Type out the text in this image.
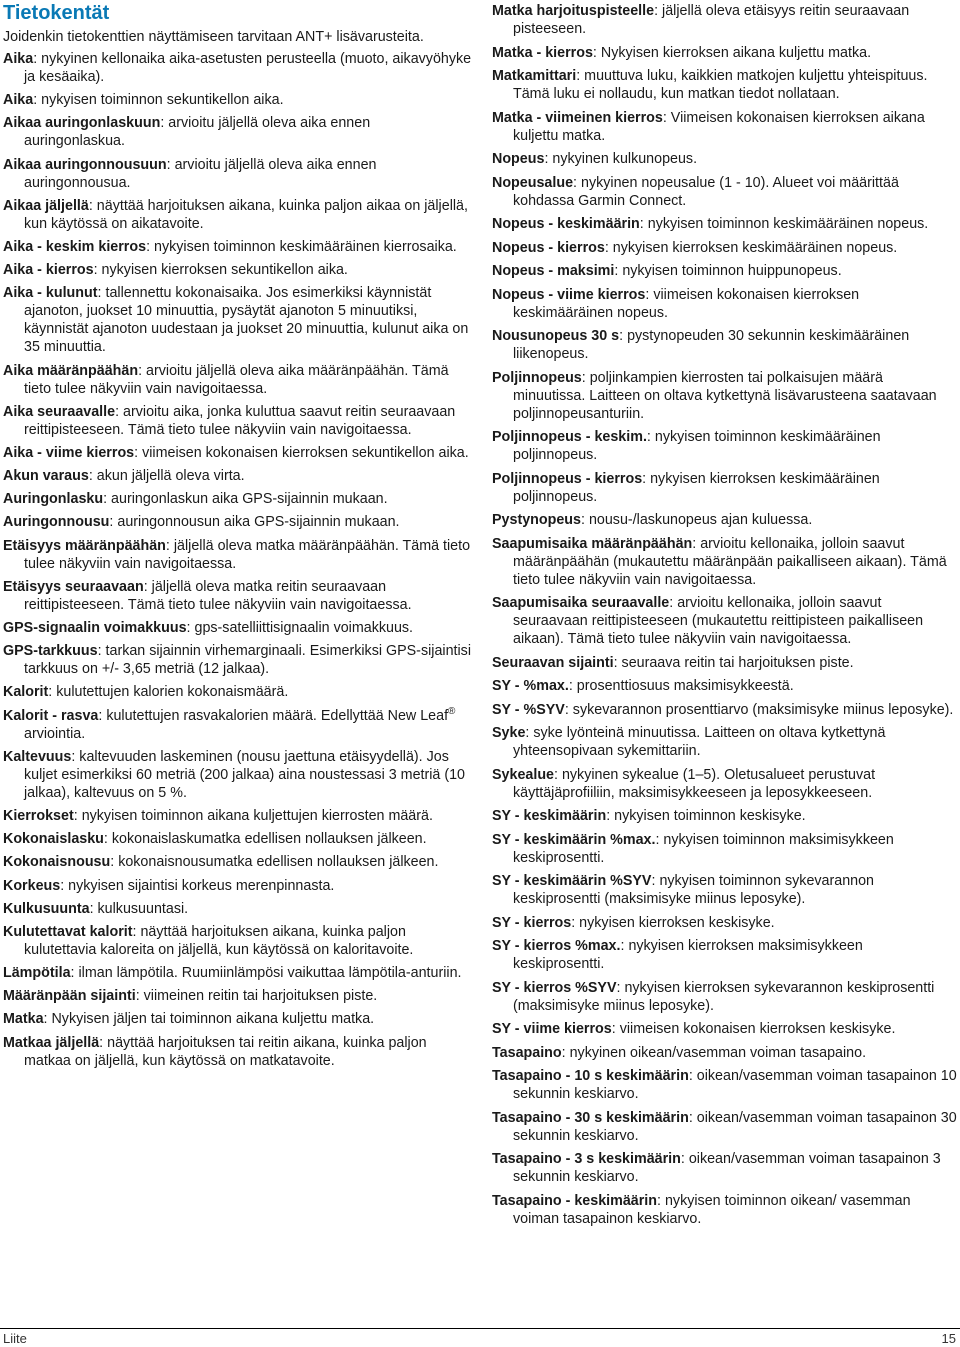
Tietokentät

Joidenkin tietokenttien näyttämiseen tarvitaan ANT+ lisävarusteita.

Aika: nykyinen kellonaika aika-asetusten perusteella (muoto, aikavyöhyke ja kesäaika).

Aika: nykyisen toiminnon sekuntikellon aika.

Aikaa auringonlaskuun: arvioitu jäljellä oleva aika ennen auringonlaskua.

Aikaa auringonnousuun: arvioitu jäljellä oleva aika ennen auringonnousua.

Aikaa jäljellä: näyttää harjoituksen aikana, kuinka paljon aikaa on jäljellä, kun käytössä on aikatavoite.

Aika - keskim kierros: nykyisen toiminnon keskimääräinen kierrosaika.

Aika - kierros: nykyisen kierroksen sekuntikellon aika.

Aika - kulunut: tallennettu kokonaisaika. Jos esimerkiksi käynnistät ajanoton, juokset 10 minuuttia, pysäytät ajanoton 5 minuutiksi, käynnistät ajanoton uudestaan ja juokset 20 minuuttia, kulunut aika on 35 minuuttia.

Aika määränpäähän: arvioitu jäljellä oleva aika määränpäähän. Tämä tieto tulee näkyviin vain navigoitaessa.

Aika seuraavalle: arvioitu aika, jonka kuluttua saavut reitin seuraavaan reittipisteeseen. Tämä tieto tulee näkyviin vain navigoitaessa.

Aika - viime kierros: viimeisen kokonaisen kierroksen sekuntikellon aika.

Akun varaus: akun jäljellä oleva virta.

Auringonlasku: auringonlaskun aika GPS-sijainnin mukaan.

Auringonnousu: auringonnousun aika GPS-sijainnin mukaan.

Etäisyys määränpäähän: jäljellä oleva matka määränpäähän. Tämä tieto tulee näkyviin vain navigoitaessa.

Etäisyys seuraavaan: jäljellä oleva matka reitin seuraavaan reittipisteeseen. Tämä tieto tulee näkyviin vain navigoitaessa.

GPS-signaalin voimakkuus: gps-satelliittisignaalin voimakkuus.

GPS-tarkkuus: tarkan sijainnin virhemarginaali. Esimerkiksi GPS-sijaintisi tarkkuus on +/- 3,65 metriä (12 jalkaa).

Kalorit: kulutettujen kalorien kokonaismäärä.

Kalorit - rasva: kulutettujen rasvakalorien määrä. Edellyttää New Leaf® arviointia.

Kaltevuus: kaltevuuden laskeminen (nousu jaettuna etäisyydellä). Jos kuljet esimerkiksi 60 metriä (200 jalkaa) aina noustessasi 3 metriä (10 jalkaa), kaltevuus on 5 %.

Kierrokset: nykyisen toiminnon aikana kuljettujen kierrosten määrä.

Kokonaislasku: kokonaislaskumatka edellisen nollauksen jälkeen.

Kokonaisnousu: kokonaisnousumatka edellisen nollauksen jälkeen.

Korkeus: nykyisen sijaintisi korkeus merenpinnasta.

Kulkusuunta: kulkusuuntasi.

Kulutettavat kalorit: näyttää harjoituksen aikana, kuinka paljon kulutettavia kaloreita on jäljellä, kun käytössä on kaloritavoite.

Lämpötila: ilman lämpötila. Ruumiinlämpösi vaikuttaa lämpötila-anturiin.

Määränpään sijainti: viimeinen reitin tai harjoituksen piste.

Matka: Nykyisen jäljen tai toiminnon aikana kuljettu matka.

Matkaa jäljellä: näyttää harjoituksen tai reitin aikana, kuinka paljon matkaa on jäljellä, kun käytössä on matkatavoite.

Matka harjoituspisteelle: jäljellä oleva etäisyys reitin seuraavaan pisteeseen.

Matka - kierros: Nykyisen kierroksen aikana kuljettu matka.

Matkamittari: muuttuva luku, kaikkien matkojen kuljettu yhteispituus. Tämä luku ei nollaudu, kun matkan tiedot nollataan.

Matka - viimeinen kierros: Viimeisen kokonaisen kierroksen aikana kuljettu matka.

Nopeus: nykyinen kulkunopeus.

Nopeusalue: nykyinen nopeusalue (1 - 10). Alueet voi määrittää kohdassa Garmin Connect.

Nopeus - keskimäärin: nykyisen toiminnon keskimääräinen nopeus.

Nopeus - kierros: nykyisen kierroksen keskimääräinen nopeus.

Nopeus - maksimi: nykyisen toiminnon huippunopeus.

Nopeus - viime kierros: viimeisen kokonaisen kierroksen keskimääräinen nopeus.

Nousunopeus 30 s: pystynopeuden 30 sekunnin keskimääräinen liikenopeus.

Poljinnopeus: poljinkampien kierrosten tai polkaisujen määrä minuutissa. Laitteen on oltava kytkettynä lisävarusteena saatavaan poljinnopeusanturiin.

Poljinnopeus - keskim.: nykyisen toiminnon keskimääräinen poljinnopeus.

Poljinnopeus - kierros: nykyisen kierroksen keskimääräinen poljinnopeus.

Pystynopeus: nousu-/laskunopeus ajan kuluessa.

Saapumisaika määränpäähän: arvioitu kellonaika, jolloin saavut määränpäähän (mukautettu määränpään paikalliseen aikaan). Tämä tieto tulee näkyviin vain navigoitaessa.

Saapumisaika seuraavalle: arvioitu kellonaika, jolloin saavut seuraavaan reittipisteeseen (mukautettu reittipisteen paikalliseen aikaan). Tämä tieto tulee näkyviin vain navigoitaessa.

Seuraavan sijainti: seuraava reitin tai harjoituksen piste.

SY - %max.: prosenttiosuus maksimisykkeestä.

SY - %SYV: sykevarannon prosenttiarvo (maksimisyke miinus leposyke).

Syke: syke lyönteinä minuutissa. Laitteen on oltava kytkettynä yhteensopivaan sykemittariin.

Sykealue: nykyinen sykealue (1–5). Oletusalueet perustuvat käyttäjäprofiiliin, maksimisykkeeseen ja leposykkeeseen.

SY - keskimäärin: nykyisen toiminnon keskisyke.

SY - keskimäärin %max.: nykyisen toiminnon maksimisykkeen keskiprosentti.

SY - keskimäärin %SYV: nykyisen toiminnon sykevarannon keskiprosentti (maksimisyke miinus leposyke).

SY - kierros: nykyisen kierroksen keskisyke.

SY - kierros %max.: nykyisen kierroksen maksimisykkeen keskiprosentti.

SY - kierros %SYV: nykyisen kierroksen sykevarannon keskiprosentti (maksimisyke miinus leposyke).

SY - viime kierros: viimeisen kokonaisen kierroksen keskisyke.

Tasapaino: nykyinen oikean/vasemman voiman tasapaino.

Tasapaino - 10 s keskimäärin: oikean/vasemman voiman tasapainon 10 sekunnin keskiarvo.

Tasapaino - 30 s keskimäärin: oikean/vasemman voiman tasapainon 30 sekunnin keskiarvo.

Tasapaino - 3 s keskimäärin: oikean/vasemman voiman tasapainon 3 sekunnin keskiarvo.

Tasapaino - keskimäärin: nykyisen toiminnon oikean/ vasemman voiman tasapainon keskiarvo.

Liite	15
